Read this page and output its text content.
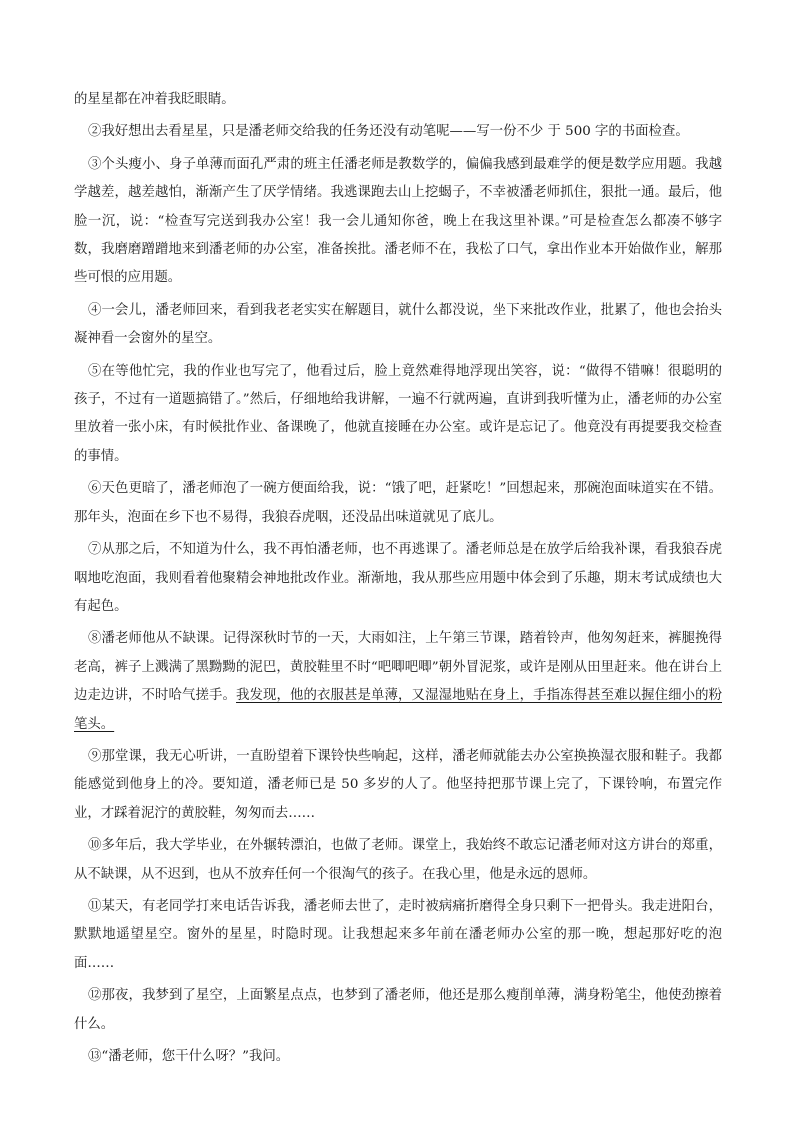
的星星都在冲着我眨眼睛。

②我好想出去看星星，只是潘老师交给我的任务还没有动笔呢——写一份不少 于 500 字的书面检查。

③个头瘦小、身子单薄而面孔严肃的班主任潘老师是教数学的，偏偏我感到最难学的便是数学应用题。我越学越差，越差越怕，渐渐产生了厌学情绪。我逃课跑去山上挖蝎子，不幸被潘老师抓住，狠批一通。最后，他脸一沉，说：“检查写完送到我办公室！我一会儿通知你爸，晚上在我这里补课。”可是检查怎么都凑不够字数，我磨磨蹭蹭地来到潘老师的办公室，准备挨批。潘老师不在，我松了口气，拿出作业本开始做作业，解那些可恨的应用题。

④一会儿，潘老师回来，看到我老老实实在解题目，就什么都没说，坐下来批改作业，批累了，他也会抬头凝神看一会窗外的星空。

⑤在等他忙完，我的作业也写完了，他看过后，脸上竟然难得地浮现出笑容，说：“做得不错嘛！很聪明的孩子，不过有一道题搞错了。”然后，仔细地给我讲解，一遍不行就两遍，直讲到我听懂为止，潘老师的办公室里放着一张小床，有时候批作业、备课晚了，他就直接睡在办公室。或许是忘记了。他竟没有再提要我交检查的事情。

⑥天色更暗了，潘老师泡了一碗方便面给我，说：“饿了吧，赶紧吃！”回想起来，那碗泡面味道实在不错。那年头，泡面在乡下也不易得，我狼吞虎咽，还没品出味道就见了底儿。

⑦从那之后，不知道为什么，我不再怕潘老师，也不再逃课了。潘老师总是在放学后给我补课，看我狼吞虎咽地吃泡面，我则看着他聚精会神地批改作业。渐渐地，我从那些应用题中体会到了乐趣，期末考试成绩也大有起色。

⑧潘老师他从不缺课。记得深秋时节的一天，大雨如注，上午第三节课，踏着铃声，他匆匆赶来，裤腿挽得老高，裤子上溅满了黑黝黝的泥巴，黄胶鞋里不时“吧唧吧唧”朝外冒泥浆，或许是刚从田里赶来。他在讲台上边走边讲，不时哈气搓手。我发现，他的衣服甚是单薄，又湿湿地贴在身上，手指冻得甚至难以握住细小的粉笔头。

⑨那堂课，我无心听讲，一直盼望着下课铃快些响起，这样，潘老师就能去办公室换换湿衣服和鞋子。我都能感觉到他身上的冷。要知道，潘老师已是 50 多岁的人了。他坚持把那节课上完了，下课铃响，布置完作业，才踩着泥泞的黄胶鞋，匆匆而去……

⑩多年后，我大学毕业，在外辗转漂泊，也做了老师。课堂上，我始终不敢忘记潘老师对这方讲台的郑重，从不缺课，从不迟到，也从不放弃任何一个很淘气的孩子。在我心里，他是永远的恩师。

⑪某天，有老同学打来电话告诉我，潘老师去世了，走时被病痛折磨得全身只剩下一把骨头。我走进阳台，默默地遥望星空。窗外的星星，时隐时现。让我想起来多年前在潘老师办公室的那一晚，想起那好吃的泡面……

⑫那夜，我梦到了星空，上面繁星点点，也梦到了潘老师，他还是那么瘦削单薄，满身粉笔尘，他使劲擦着什么。

⑬“潘老师，您干什么呀？”我问。
